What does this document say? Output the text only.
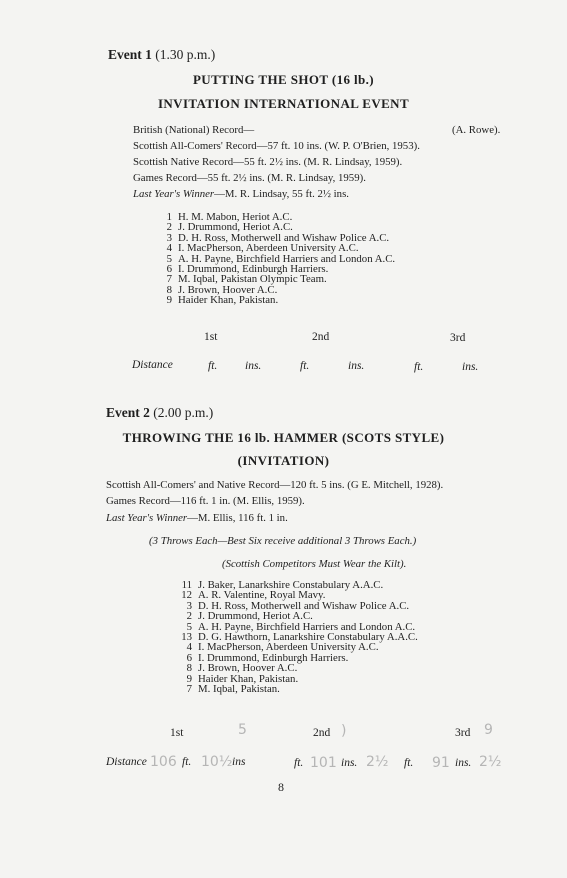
Event 1 (1.30 p.m.)
PUTTING THE SHOT (16 lb.)
INVITATION INTERNATIONAL EVENT
British (National) Record—	(A. Rowe).
Scottish All-Comers' Record—57 ft. 10 ins. (W. P. O'Brien, 1953).
Scottish Native Record—55 ft. 2½ ins. (M. R. Lindsay, 1959).
Games Record—55 ft. 2½ ins. (M. R. Lindsay, 1959).
Last Year's Winner—M. R. Lindsay, 55 ft. 2½ ins.
1 H. M. Mabon, Heriot A.C.
2 J. Drummond, Heriot A.C.
3 D. H. Ross, Motherwell and Wishaw Police A.C.
4 I. MacPherson, Aberdeen University A.C.
5 A. H. Payne, Birchfield Harriers and London A.C.
6 I. Drummond, Edinburgh Harriers.
7 M. Iqbal, Pakistan Olympic Team.
8 J. Brown, Hoover A.C.
9 Haider Khan, Pakistan.
1st	2nd	3rd
Distance	ft. ins.	ft.	ins.	ft.	ins.
Event 2 (2.00 p.m.)
THROWING THE 16 lb. HAMMER (SCOTS STYLE)
(INVITATION)
Scottish All-Comers' and Native Record—120 ft. 5 ins. (G E. Mitchell, 1928).
Games Record—116 ft. 1 in. (M. Ellis, 1959).
Last Year's Winner—M. Ellis, 116 ft. 1 in.
(3 Throws Each—Best Six receive additional 3 Throws Each.)
(Scottish Competitors Must Wear the Kilt).
11 J. Baker, Lanarkshire Constabulary A.A.C.
12 A. R. Valentine, Royal Mavy.
3 D. H. Ross, Motherwell and Wishaw Police A.C.
2 J. Drummond, Heriot A.C.
5 A. H. Payne, Birchfield Harriers and London A.C.
13 D. G. Hawthorn, Lanarkshire Constabulary A.A.C.
4 I. MacPherson, Aberdeen University A.C.
6 I. Drummond, Edinburgh Harriers.
8 J. Brown, Hoover A.C.
9 Haider Khan, Pakistan.
7 M. Iqbal, Pakistan.
1st	5	2nd )	3rd 9
Distance 106 ft. 10½ ins	ft. 101 ins. 2½ ft. 91 ins. 2½
8
